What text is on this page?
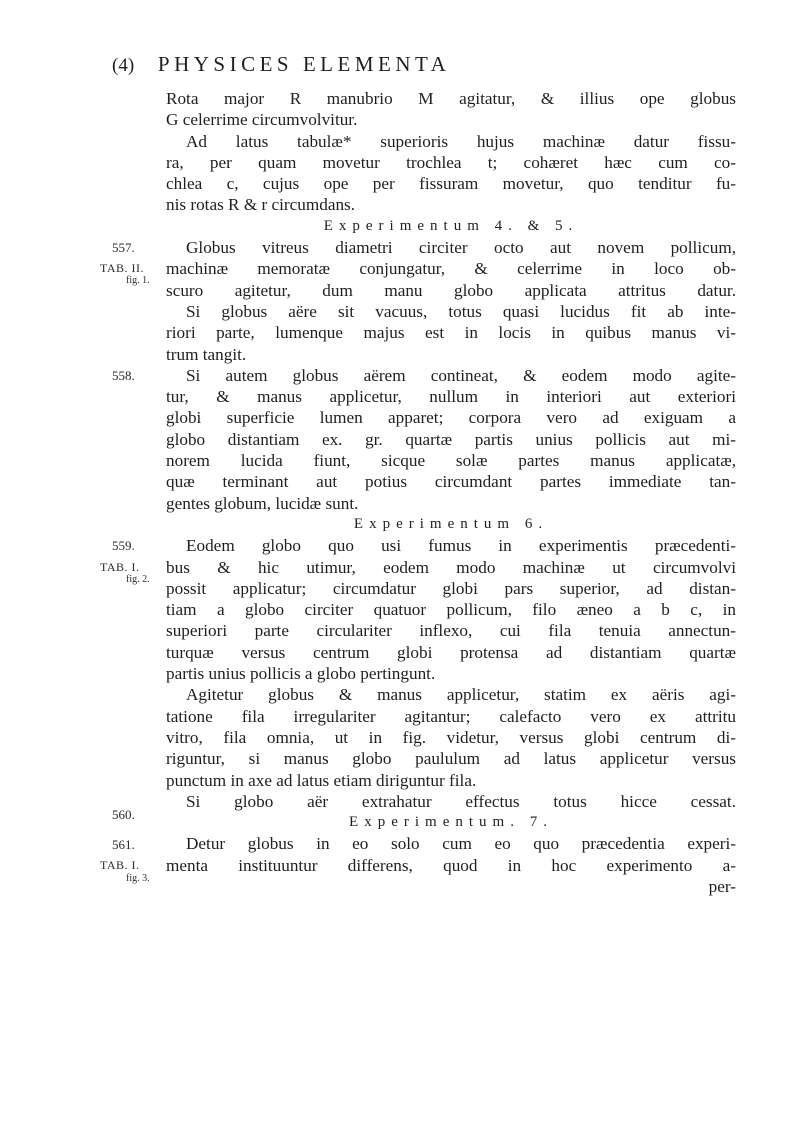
(4) PHYSICES ELEMENTA
Rota major R manubrio M agitatur, & illius ope globus
G celerrime circumvolvitur.
Ad latus tabulæ* superioris hujus machinæ datur fissu-
ra, per quam movetur trochlea t; cohæret hæc cum co-
chlea c, cujus ope per fissuram movetur, quo tenditur fu-
nis rotas R & r circumdans.
Experimentum 4. & 5.
Globus vitreus diametri circiter octo aut novem pollicum,
machinæ memoratæ conjungatur, & celerrime in loco ob-
scuro agitetur, dum manu globo applicata attritus datur.
Si globus aëre sit vacuus, totus quasi lucidus fit ab inte-
riori parte, lumenque majus est in locis in quibus manus vi-
trum tangit.
Si autem globus aërem contineat, & eodem modo agite-
tur, & manus applicetur, nullum in interiori aut exteriori
globi superficie lumen apparet; corpora vero ad exiguam a
globo distantiam ex. gr. quartæ partis unius pollicis aut mi-
norem lucida fiunt, sicque solæ partes manus applicatæ,
quæ terminant aut potius circumdant partes immediate tan-
gentes globum, lucidæ sunt.
Experimentum 6.
Eodem globo quo usi fumus in experimentis præcedenti-
bus & hic utimur, eodem modo machinæ ut circumvolvi
possit applicatur; circumdatur globi pars superior, ad distan-
tiam a globo circiter quatuor pollicum, filo æneo a b c, in
superiori parte circulariter inflexo, cui fila tenuia annectun-
turquæ versus centrum globi protensa ad distantiam quartæ
partis unius pollicis a globo pertingunt.
Agitetur globus & manus applicetur, statim ex aëris agi-
tatione fila irregulariter agitantur; calefacto vero ex attritu
vitro, fila omnia, ut in fig. videtur, versus globi centrum di-
riguntur, si manus globo paululum ad latus applicetur versus
punctum in axe ad latus etiam diriguntur fila.
Si globo aër extrahatur effectus totus hicce cessat.
Experimentum. 7.
Detur globus in eo solo cum eo quo præcedentia experi-
menta instituuntur differens, quod in hoc experimento a-
per-
557.
TAB. II.
fig. 1.
558.
559.
TAB. I.
fig. 2.
560.
561.
TAB. I.
fig. 3.
